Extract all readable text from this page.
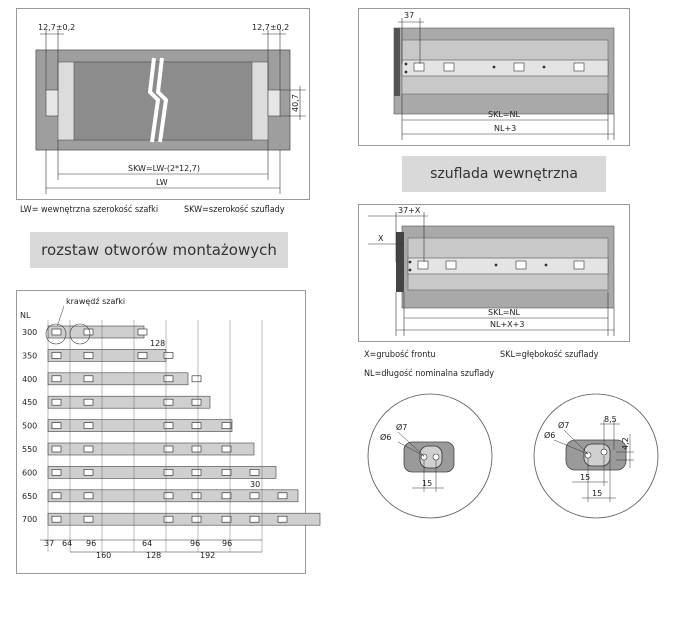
12,7±0,2	12,7±0,2
40,7
SKW=LW-(2*12,7)
LW
LW= wewnętrzna szerokość szafki	SKW=szerokość szuflady
rozstaw otworów montażowych
krawędź szafki
NL
300
350
400
450
500
550
600
650
700
128
30
37 64 96	64	96	96
160	128	192
37
SKL=NL
NL+3
szuflada wewnętrzna
37+X
X
SKL=NL
NL+X+3
X=grubość frontu	SKL=głębokość szuflady
NL=długość nominalna szuflady
Ø7
Ø6
15
Ø7
Ø6
8,5
4,2
15
15
